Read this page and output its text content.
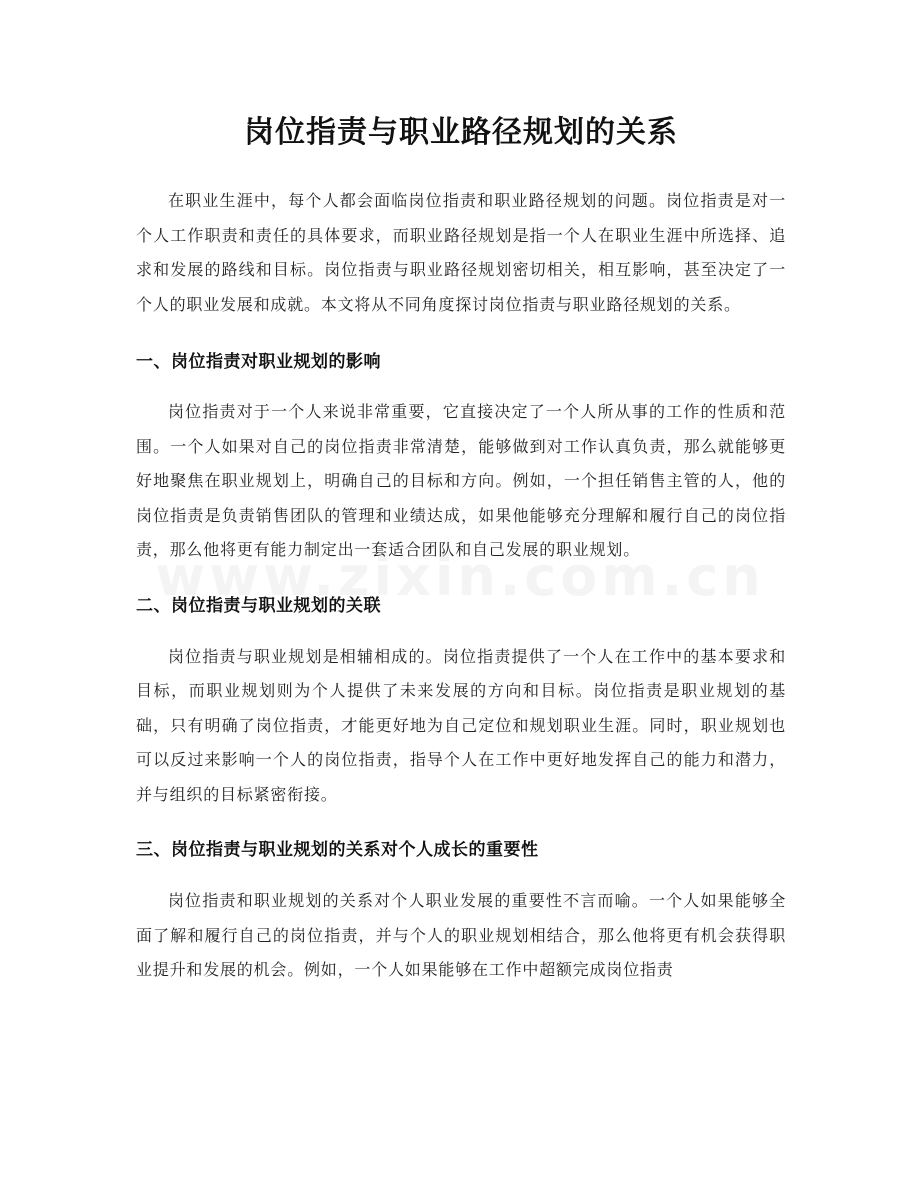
岗位指责与职业路径规划的关系

在职业生涯中，每个人都会面临岗位指责和职业路径规划的问题。岗位指责是对一个人工作职责和责任的具体要求，而职业路径规划是指一个人在职业生涯中所选择、追求和发展的路线和目标。岗位指责与职业路径规划密切相关，相互影响，甚至决定了一个人的职业发展和成就。本文将从不同角度探讨岗位指责与职业路径规划的关系。

一、岗位指责对职业规划的影响

岗位指责对于一个人来说非常重要，它直接决定了一个人所从事的工作的性质和范围。一个人如果对自己的岗位指责非常清楚，能够做到对工作认真负责，那么就能够更好地聚焦在职业规划上，明确自己的目标和方向。例如，一个担任销售主管的人，他的岗位指责是负责销售团队的管理和业绩达成，如果他能够充分理解和履行自己的岗位指责，那么他将更有能力制定出一套适合团队和自己发展的职业规划。

二、岗位指责与职业规划的关联

岗位指责与职业规划是相辅相成的。岗位指责提供了一个人在工作中的基本要求和目标，而职业规划则为个人提供了未来发展的方向和目标。岗位指责是职业规划的基础，只有明确了岗位指责，才能更好地为自己定位和规划职业生涯。同时，职业规划也可以反过来影响一个人的岗位指责，指导个人在工作中更好地发挥自己的能力和潜力，并与组织的目标紧密衔接。

三、岗位指责与职业规划的关系对个人成长的重要性

岗位指责和职业规划的关系对个人职业发展的重要性不言而喻。一个人如果能够全面了解和履行自己的岗位指责，并与个人的职业规划相结合，那么他将更有机会获得职业提升和发展的机会。例如，一个人如果能够在工作中超额完成岗位指责
